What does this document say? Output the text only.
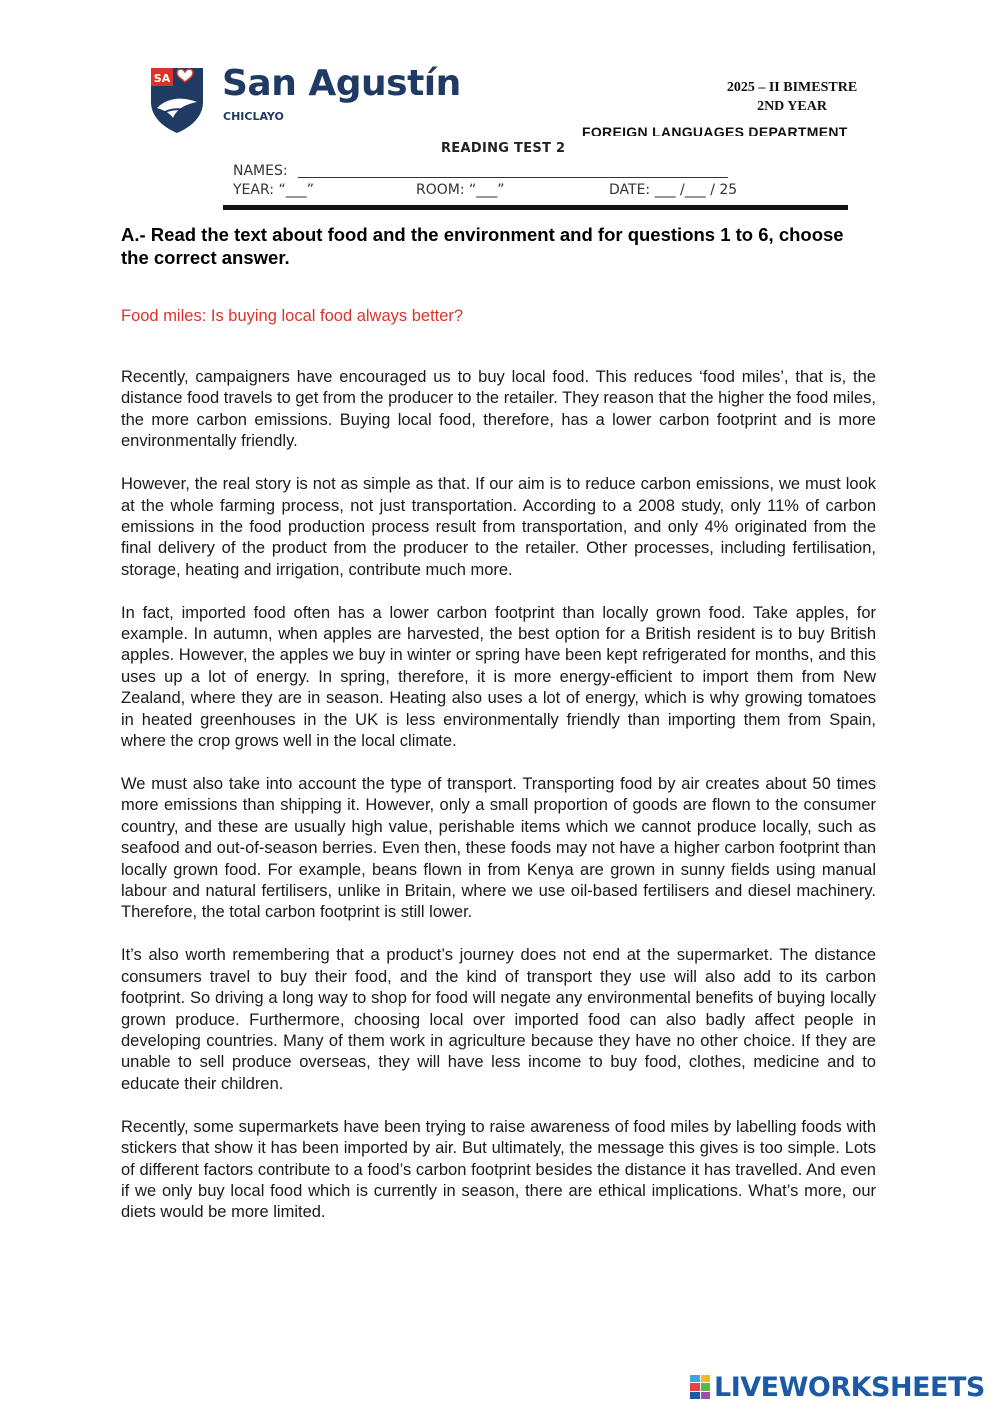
SA San Agustín
CHICLAYO
2025 – II BIMESTRE
2ND YEAR
FOREIGN LANGUAGES DEPARTMENT
READING TEST 2
NAMES:
YEAR: “___”	ROOM: “___”	DATE: ___ /___ / 25
A.- Read the text about food and the environment and for questions 1 to 6, choose the correct answer.
Food miles: Is buying local food always better?

Recently, campaigners have encouraged us to buy local food. This reduces ‘food miles’, that is, the distance food travels to get from the producer to the retailer. They reason that the higher the food miles, the more carbon emissions. Buying local food, therefore, has a lower carbon footprint and is more environmentally friendly.

However, the real story is not as simple as that. If our aim is to reduce carbon emissions, we must look at the whole farming process, not just transportation. According to a 2008 study, only 11% of carbon emissions in the food production process result from transportation, and only 4% originated from the final delivery of the product from the producer to the retailer. Other processes, including fertilisation, storage, heating and irrigation, contribute much more.

In fact, imported food often has a lower carbon footprint than locally grown food. Take apples, for example. In autumn, when apples are harvested, the best option for a British resident is to buy British apples. However, the apples we buy in winter or spring have been kept refrigerated for months, and this uses up a lot of energy. In spring, therefore, it is more energy-efficient to import them from New Zealand, where they are in season. Heating also uses a lot of energy, which is why growing tomatoes in heated greenhouses in the UK is less environmentally friendly than importing them from Spain, where the crop grows well in the local climate.

We must also take into account the type of transport. Transporting food by air creates about 50 times more emissions than shipping it. However, only a small proportion of goods are flown to the consumer country, and these are usually high value, perishable items which we cannot produce locally, such as seafood and out-of-season berries. Even then, these foods may not have a higher carbon footprint than locally grown food. For example, beans flown in from Kenya are grown in sunny fields using manual labour and natural fertilisers, unlike in Britain, where we use oil-based fertilisers and diesel machinery. Therefore, the total carbon footprint is still lower.

It’s also worth remembering that a product’s journey does not end at the supermarket. The distance consumers travel to buy their food, and the kind of transport they use will also add to its carbon footprint. So driving a long way to shop for food will negate any environmental benefits of buying locally grown produce. Furthermore, choosing local over imported food can also badly affect people in developing countries. Many of them work in agriculture because they have no other choice. If they are unable to sell produce overseas, they will have less income to buy food, clothes, medicine and to educate their children.

Recently, some supermarkets have been trying to raise awareness of food miles by labelling foods with stickers that show it has been imported by air. But ultimately, the message this gives is too simple. Lots of different factors contribute to a food’s carbon footprint besides the distance it has travelled. And even if we only buy local food which is currently in season, there are ethical implications. What’s more, our diets would be more limited.

LIVEWORKSHEETS
